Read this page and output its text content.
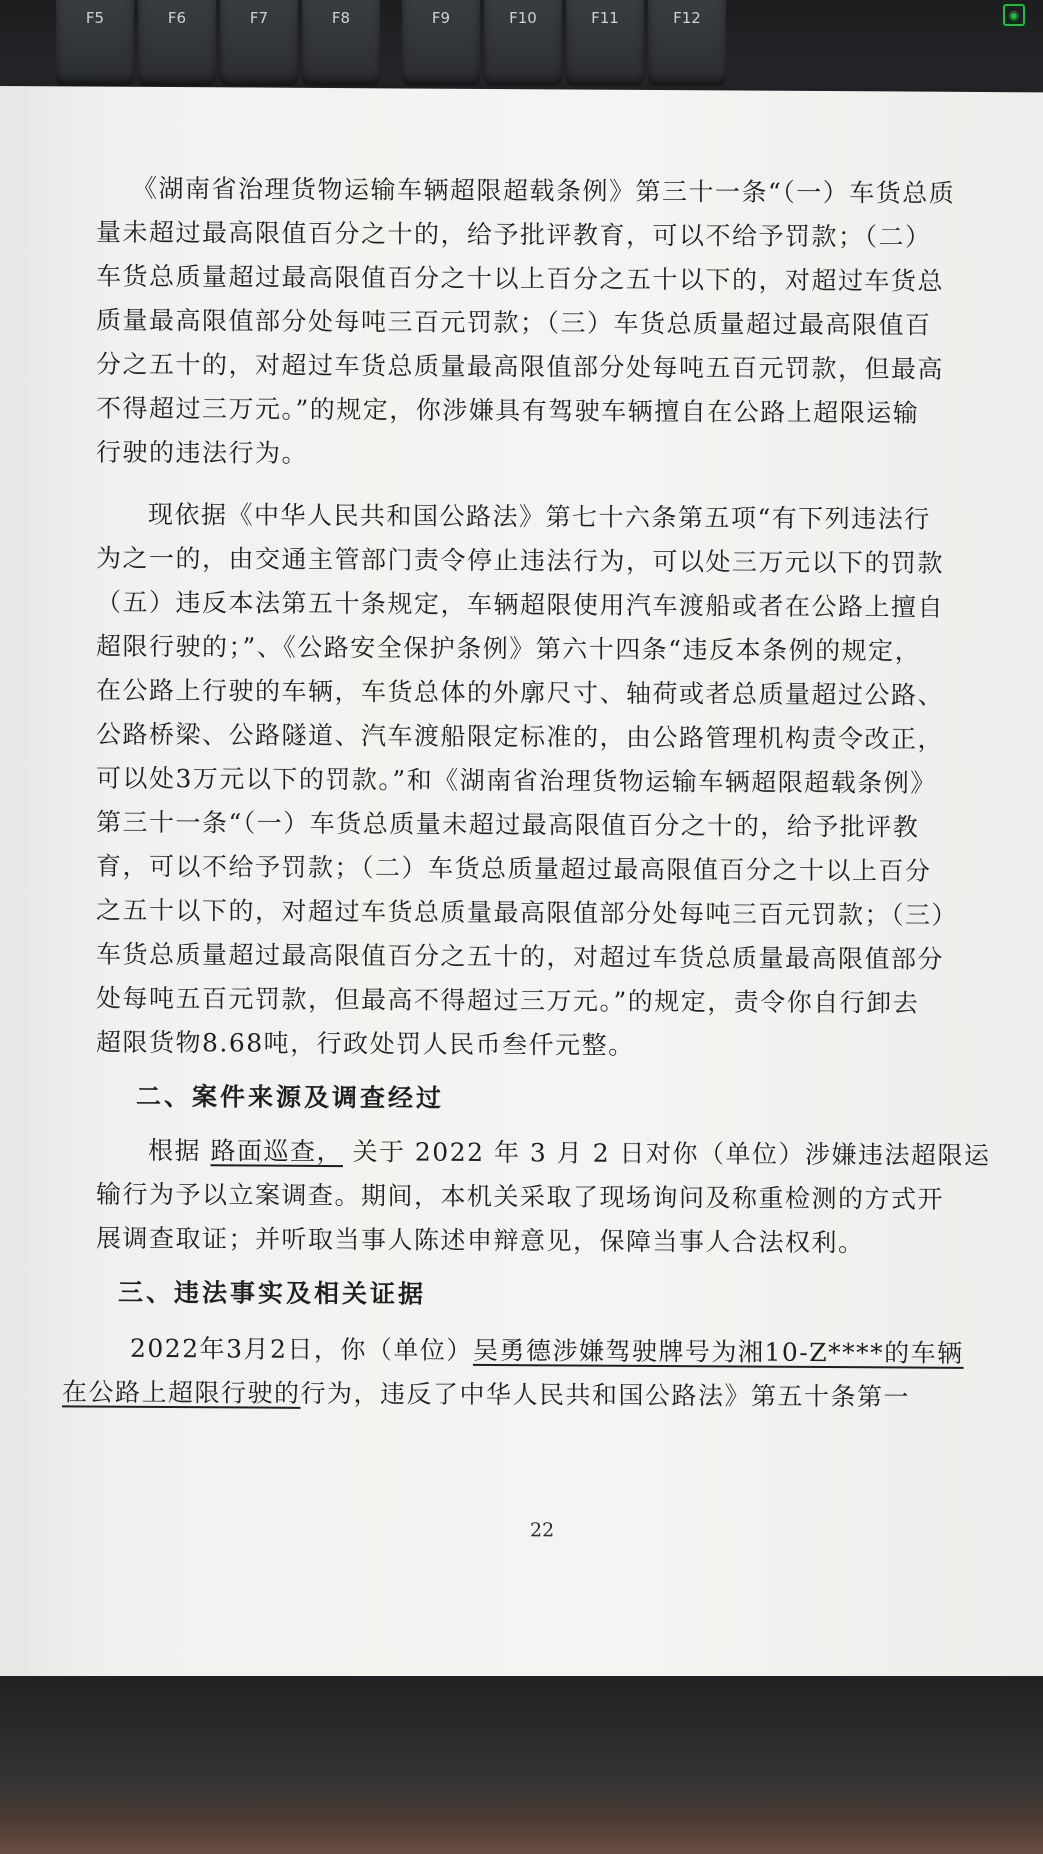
F5	F6	F7	F8	F9	F10	F11	F12	◉
《湖南省治理货物运输车辆超限超载条例》第三十一条“（一）车货总质
量未超过最高限值百分之十的，给予批评教育，可以不给予罚款；（二）
车货总质量超过最高限值百分之十以上百分之五十以下的，对超过车货总
质量最高限值部分处每吨三百元罚款；（三）车货总质量超过最高限值百
分之五十的，对超过车货总质量最高限值部分处每吨五百元罚款，但最高
不得超过三万元。”的规定，你涉嫌具有驾驶车辆擅自在公路上超限运输
行驶的违法行为。
现依据《中华人民共和国公路法》第七十六条第五项“有下列违法行
为之一的，由交通主管部门责令停止违法行为，可以处三万元以下的罚款
（五）违反本法第五十条规定，车辆超限使用汽车渡船或者在公路上擅自
超限行驶的；”、《公路安全保护条例》第六十四条“违反本条例的规定，
在公路上行驶的车辆，车货总体的外廓尺寸、轴荷或者总质量超过公路、
公路桥梁、公路隧道、汽车渡船限定标准的，由公路管理机构责令改正，
可以处3万元以下的罚款。”和《湖南省治理货物运输车辆超限超载条例》
第三十一条“（一）车货总质量未超过最高限值百分之十的，给予批评教
育，可以不给予罚款；（二）车货总质量超过最高限值百分之十以上百分
之五十以下的，对超过车货总质量最高限值部分处每吨三百元罚款；（三）
车货总质量超过最高限值百分之五十的，对超过车货总质量最高限值部分
处每吨五百元罚款，但最高不得超过三万元。”的规定，责令你自行卸去
超限货物8.68吨，行政处罚人民币叁仟元整。
二、案件来源及调查经过
根据 路面巡查， 关于 2022 年 3 月 2 日对你（单位）涉嫌违法超限运
输行为予以立案调查。期间，本机关采取了现场询问及称重检测的方式开
展调查取证；并听取当事人陈述申辩意见，保障当事人合法权利。
三、违法事实及相关证据
2022年3月2日，你（单位）吴勇德涉嫌驾驶牌号为湘10-Z****的车辆
在公路上超限行驶的行为，违反了中华人民共和国公路法》第五十条第一
22
